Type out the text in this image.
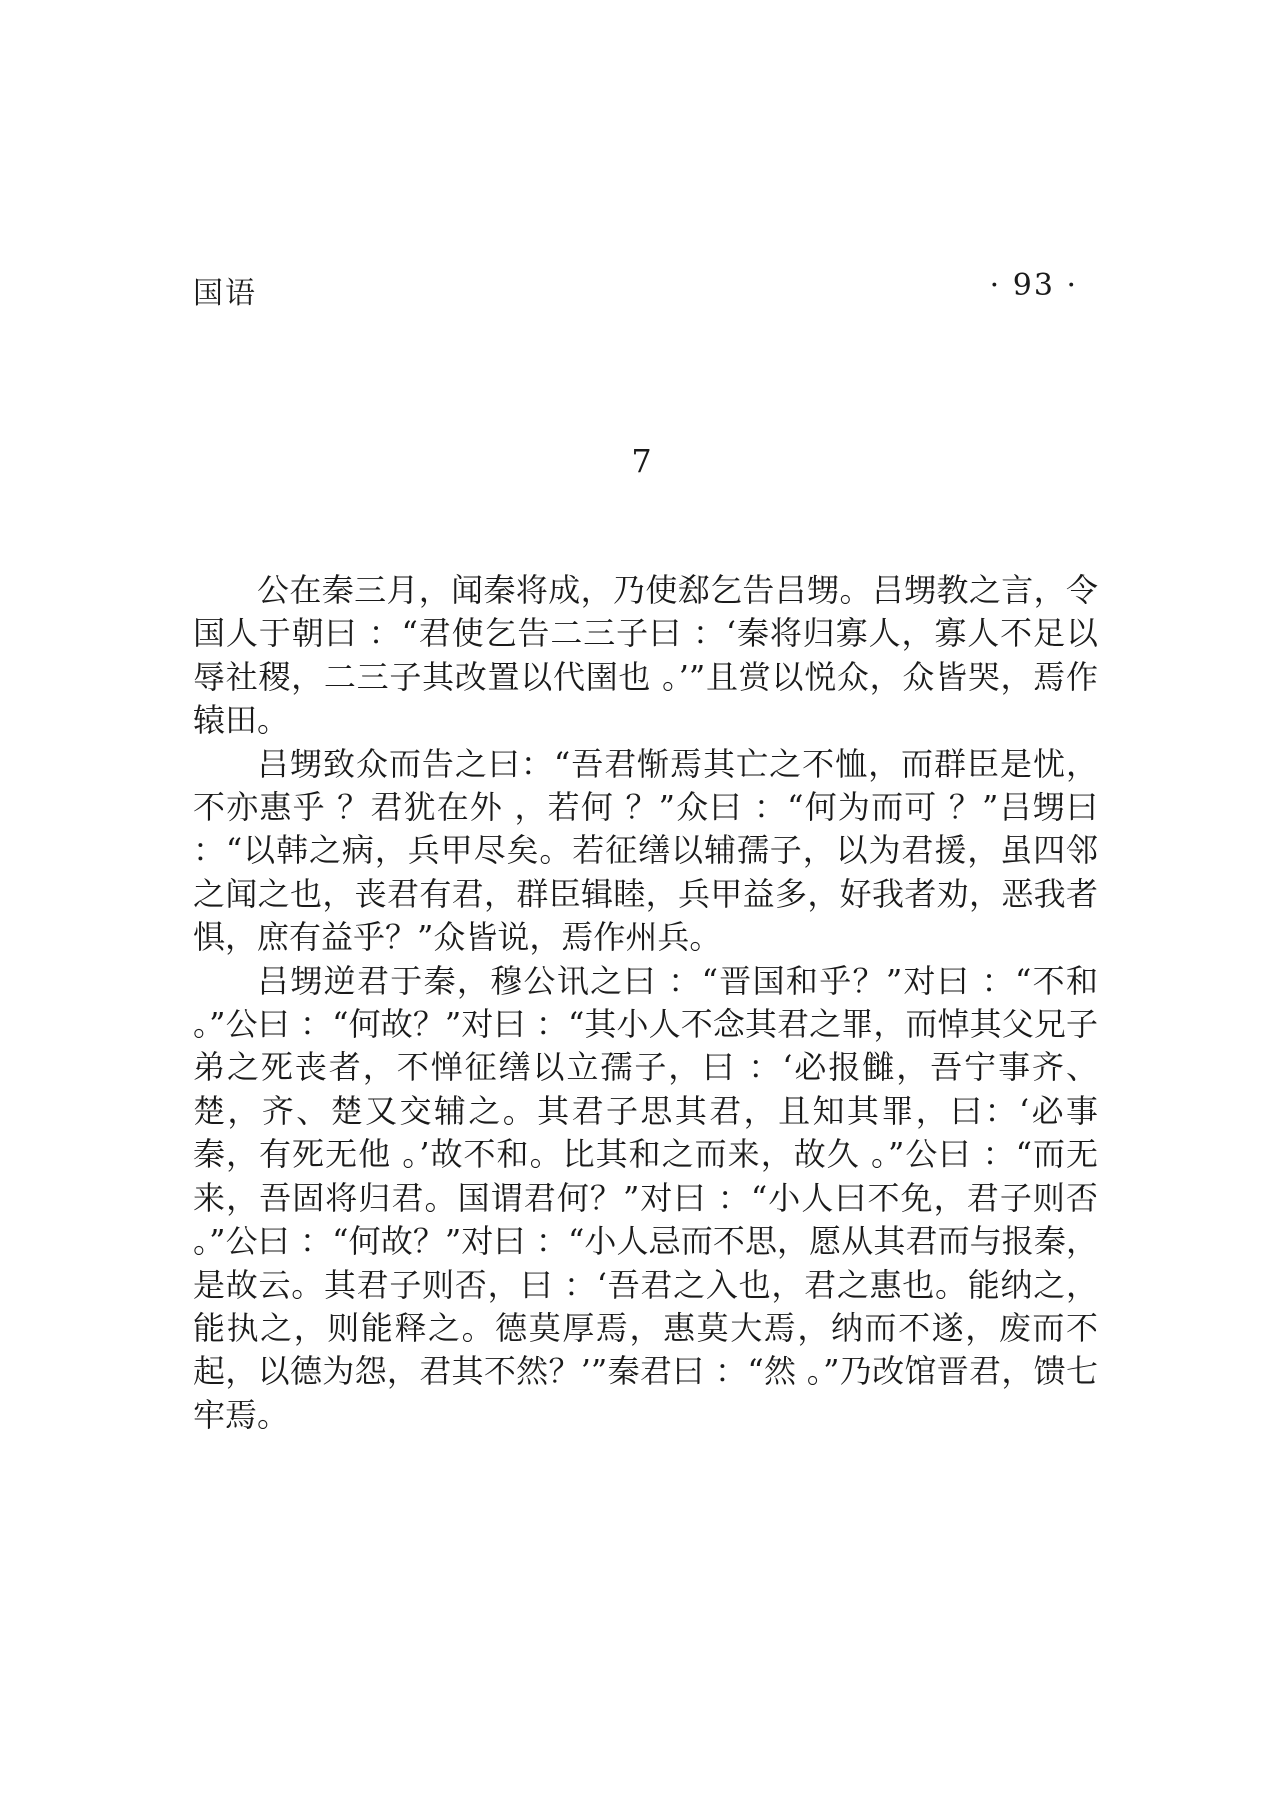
国语	· 93 ·
7

公在秦三月，闻秦将成，乃使郄乞告吕甥。吕甥教之言，令国人于朝曰 ：“君使乞告二三子曰 ：‘秦将归寡人，寡人不足以辱社稷，二三子其改置以代圉也 。’”且赏以悦众，众皆哭，焉作辕田。

吕甥致众而告之曰：“吾君惭焉其亡之不恤，而群臣是忧，不亦惠乎 ？君犹在外 ，若何 ？”众曰 ：“何为而可 ？”吕甥曰 ：“以韩之病，兵甲尽矣。若征缮以辅孺子，以为君援，虽四邻之闻之也，丧君有君，群臣辑睦，兵甲益多，好我者劝，恶我者惧，庶有益乎？”众皆说，焉作州兵。

吕甥逆君于秦，穆公讯之曰 ：“晋国和乎？”对曰 ：“不和 。”公曰 ：“何故？”对曰 ：“其小人不念其君之罪，而悼其父兄子弟之死丧者，不惮征缮以立孺子，曰 ：‘必报雠，吾宁事齐、楚，齐、楚又交辅之。其君子思其君，且知其罪，曰：‘必事秦，有死无他 。’故不和。比其和之而来，故久 。”公曰 ：“而无来，吾固将归君。国谓君何？”对曰 ：“小人曰不免，君子则否 。”公曰 ：“何故？”对曰 ：“小人忌而不思，愿从其君而与报秦，是故云。其君子则否，曰 ：‘吾君之入也，君之惠也。能纳之，能执之，则能释之。德莫厚焉，惠莫大焉，纳而不遂，废而不起，以德为怨，君其不然？’”秦君曰 ：“然 。”乃改馆晋君，馈七牢焉。
